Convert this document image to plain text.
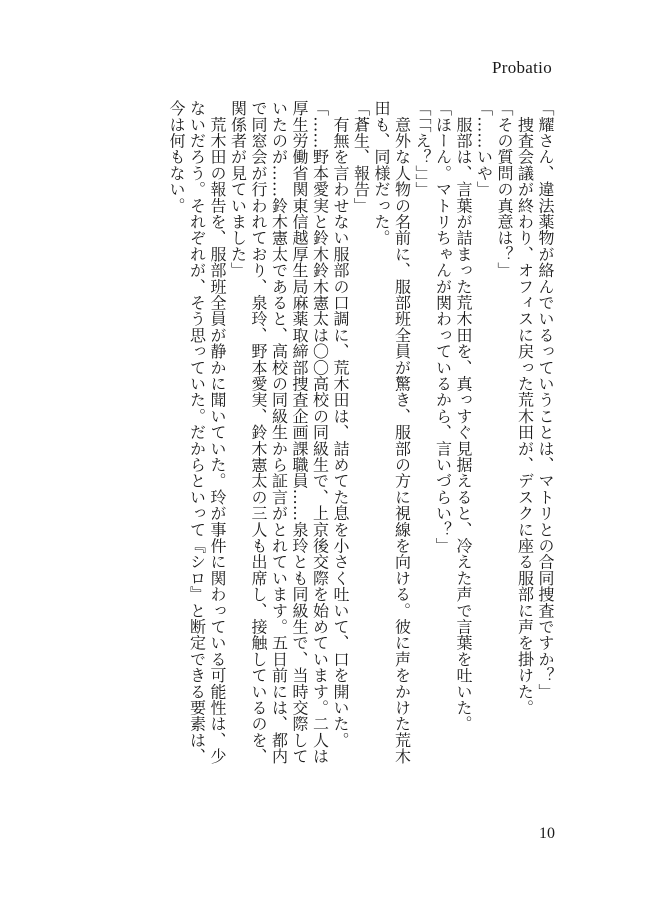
Probatio

「耀さん、違法薬物が絡んでいるっていうことは、マトリとの合同捜査ですか？」

　捜査会議が終わり、オフィスに戻った荒木田が、デスクに座る服部に声を掛けた。

「その質問の真意は？」

「……いや」

　服部は、言葉が詰まった荒木田を、真っすぐ見据えると、冷えた声で言葉を吐いた。

「ほーん。マトリちゃんが関わっているから、言いづらい？」

「「「え？」」」

　意外な人物の名前に、服部班全員が驚き、服部の方に視線を向ける。彼に声をかけた荒木田も、同様だった。

「蒼生、報告」

　有無を言わせない服部の口調に、荒木田は、詰めてた息を小さく吐いて、口を開いた。

「……野本愛実と鈴木鈴木憲太は〇〇高校の同級生で、上京後交際を始めています。二人は厚生労働省関東信越厚生局麻薬取締部捜査企画課職員……泉玲とも同級生で、当時交際していたのが……鈴木憲太であると、高校の同級生から証言がとれています。五日前には、都内で同窓会が行われており、泉玲、野本愛実、鈴木憲太の三人も出席し、接触しているのを、関係者が見ていました」

　荒木田の報告を、服部班全員が静かに聞いていた。玲が事件に関わっている可能性は、少ないだろう。それぞれが、そう思っていた。だからといって『シロ』と断定できる要素は、今は何もない。

10
